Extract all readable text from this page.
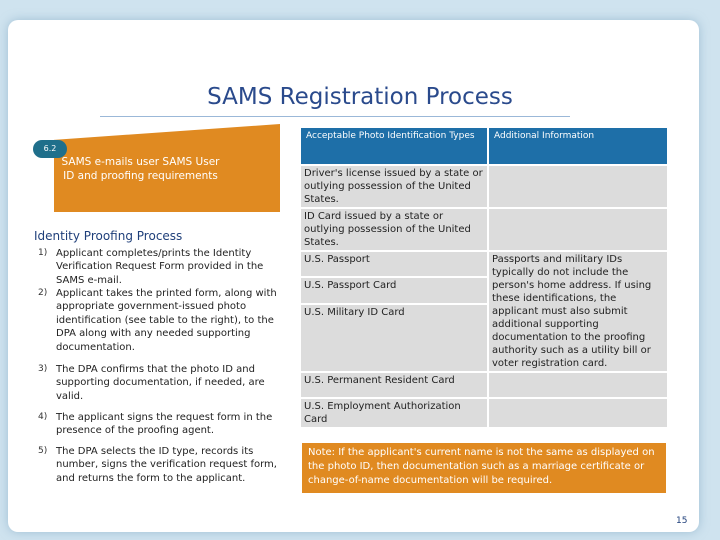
SAMS Registration Process
6.2
SAMS e-mails user SAMS User ID and proofing requirements
Identity Proofing Process
1) Applicant completes/prints the Identity Verification Request Form provided in the SAMS e-mail.
2) Applicant takes the printed form, along with appropriate government-issued photo identification (see table to the right), to the DPA along with any needed supporting documentation.
3) The DPA confirms that the photo ID and supporting documentation, if needed, are valid.
4) The applicant signs the request form in the presence of the proofing agent.
5) The DPA selects the ID type, records its number, signs the verification request form, and returns the form to the applicant.
Acceptable Photo Identification Types	Additional Information
Driver's license issued by a state or outlying possession of the United States.	
ID Card issued by a state or outlying possession of the United States.	
U.S. Passport	Passports and military IDs typically do not include the person's home address. If using these identifications, the applicant must also submit additional supporting documentation to the proofing authority such as a utility bill or voter registration card.
U.S. Passport Card	
U.S. Military ID Card	
U.S. Permanent Resident Card	
U.S. Employment Authorization Card	
Note: If the applicant's current name is not the same as displayed on the photo ID, then documentation such as a marriage certificate or change-of-name documentation will be required.
15
